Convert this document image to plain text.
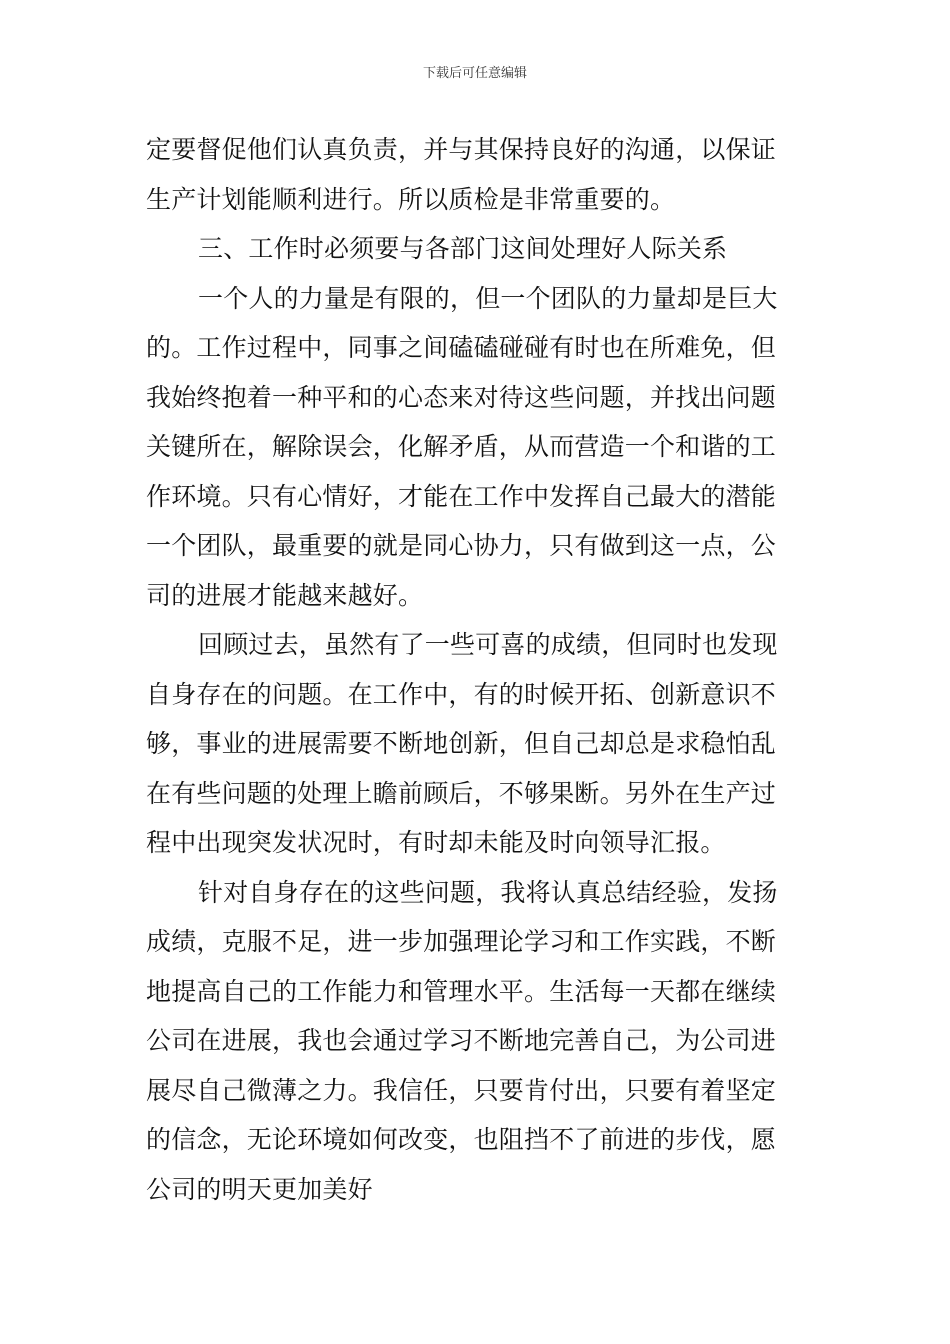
下载后可任意编辑
定要督促他们认真负责，并与其保持良好的沟通，以保证
生产计划能顺利进行。所以质检是非常重要的。
三、工作时必须要与各部门这间处理好人际关系
一个人的力量是有限的，但一个团队的力量却是巨大
的。工作过程中，同事之间磕磕碰碰有时也在所难免，但
我始终抱着一种平和的心态来对待这些问题，并找出问题
关键所在，解除误会，化解矛盾，从而营造一个和谐的工
作环境。只有心情好，才能在工作中发挥自己最大的潜能
一个团队，最重要的就是同心协力，只有做到这一点，公
司的进展才能越来越好。
回顾过去，虽然有了一些可喜的成绩，但同时也发现
自身存在的问题。在工作中，有的时候开拓、创新意识不
够，事业的进展需要不断地创新，但自己却总是求稳怕乱
在有些问题的处理上瞻前顾后，不够果断。另外在生产过
程中出现突发状况时，有时却未能及时向领导汇报。
针对自身存在的这些问题，我将认真总结经验，发扬
成绩，克服不足，进一步加强理论学习和工作实践，不断
地提高自己的工作能力和管理水平。生活每一天都在继续
公司在进展，我也会通过学习不断地完善自己，为公司进
展尽自己微薄之力。我信任，只要肯付出，只要有着坚定
的信念，无论环境如何改变，也阻挡不了前进的步伐，愿
公司的明天更加美好
